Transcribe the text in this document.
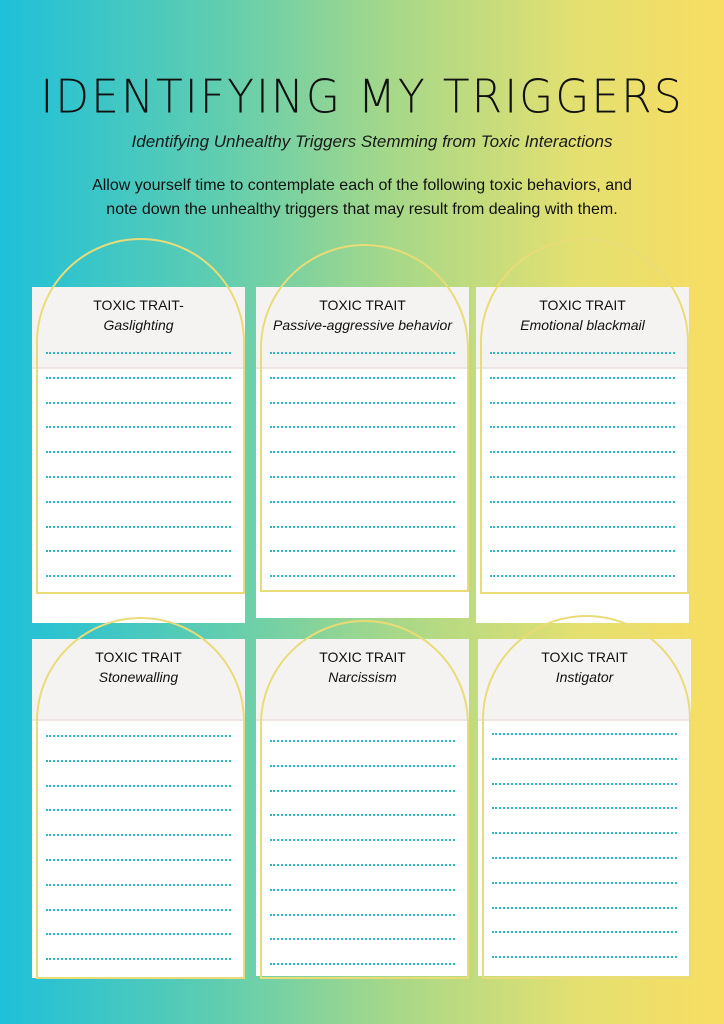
IDENTIFYING MY TRIGGERS
Identifying Unhealthy Triggers Stemming from Toxic Interactions
Allow yourself time to contemplate each of the following toxic behaviors, and note down the unhealthy triggers that may result from dealing with them.
TOXIC TRAIT-
Gaslighting
TOXIC TRAIT
Passive-aggressive behavior
TOXIC TRAIT
Emotional blackmail
TOXIC TRAIT
Stonewalling
TOXIC TRAIT
Narcissism
TOXIC TRAIT
Instigator
